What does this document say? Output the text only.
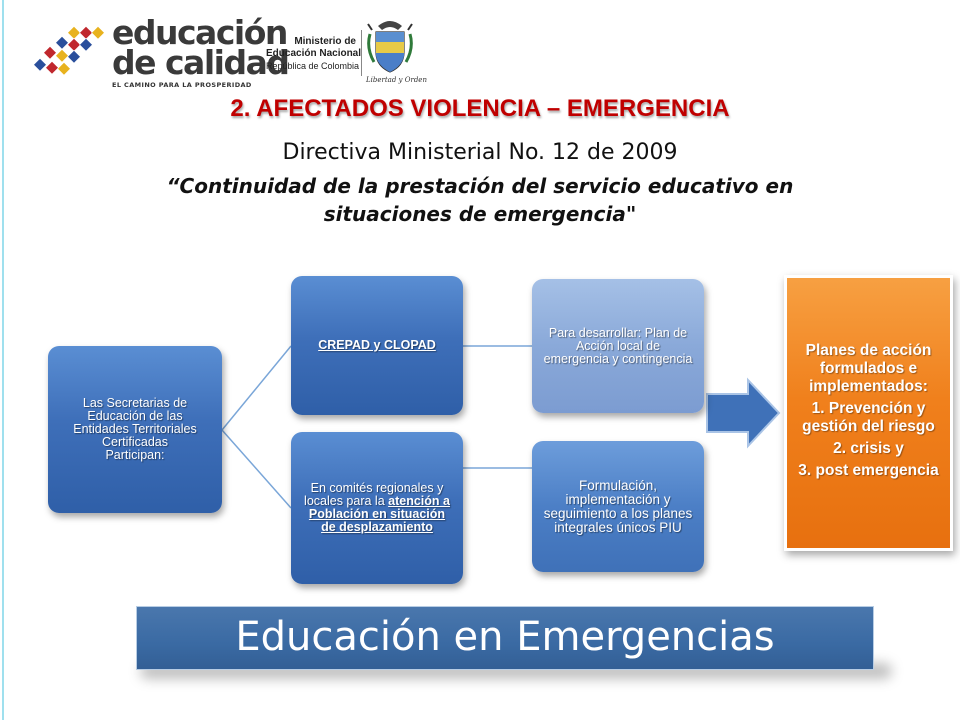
educación
de calidad
EL CAMINO PARA LA PROSPERIDAD
Ministerio de
Educación Nacional
República de Colombia
Libertad y Orden
2. AFECTADOS VIOLENCIA – EMERGENCIA
Directiva Ministerial No. 12 de 2009
“Continuidad de la prestación del servicio educativo en situaciones de emergencia"

Las Secretarias de Educación de las Entidades Territoriales Certificadas

Participan:

CREPAD y CLOPAD
En comités regionales y locales para la atención a Población en situación de desplazamiento
Para desarrollar: Plan de Acción local de emergencia y contingencia
Formulación, implementación y seguimiento a los planes integrales únicos PIU

Planes de acción formulados e implementados:

1. Prevención y gestión del riesgo

2. crisis y

3. post emergencia

Educación en Emergencias
